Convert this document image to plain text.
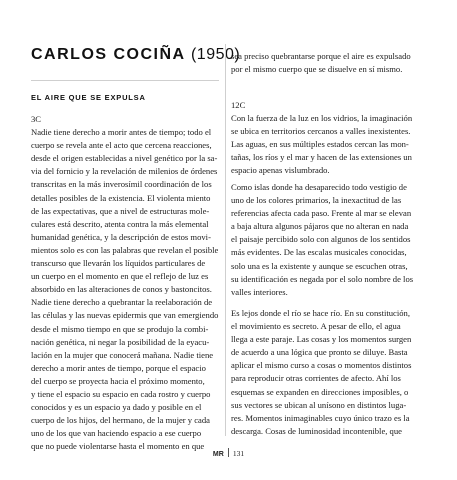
CARLOS COCIÑA (1950)
EL AIRE QUE SE EXPULSA
3C
Nadie tiene derecho a morir antes de tiempo; todo el
cuerpo se revela ante el acto que cercena reacciones,
desde el origen establecidas a nivel genético por la sa-
via del fornicio y la revelación de milenios de órdenes
transcritas en la más inverosímil coordinación de los
detalles posibles de la existencia. El violenta miento
de las expectativas, que a nivel de estructuras mole-
culares está descrito, atenta contra la más elemental
humanidad genética, y la descripción de estos movi-
mientos solo es con las palabras que revelan el posible
transcurso que llevarán los líquidos particulares de
un cuerpo en el momento en que el reflejo de luz es
absorbido en las alteraciones de conos y bastoncitos.
Nadie tiene derecho a quebrantar la reelaboración de
las células y las nuevas epidermis que van emergiendo
desde el mismo tiempo en que se produjo la combi-
nación genética, ni negar la posibilidad de la eyacu-
lación en la mujer que conocerá mañana. Nadie tiene
derecho a morir antes de tiempo, porque el espacio
del cuerpo se proyecta hacia el próximo momento,
y tiene el espacio su espacio en cada rostro y cuerpo
conocidos y es un espacio ya dado y posible en el
cuerpo de los hijos, del hermano, de la mujer y cada
uno de los que van haciendo espacio a ese cuerpo
que no puede violentarse hasta el momento en que
sea preciso quebrantarse porque el aire es expulsado
por el mismo cuerpo que se disuelve en sí mismo.
12C
Con la fuerza de la luz en los vidrios, la imaginación
se ubica en territorios cercanos a valles inexistentes.
Las aguas, en sus múltiples estados cercan las mon-
tañas, los ríos y el mar y hacen de las extensiones un
espacio apenas vislumbrado.
Como islas donde ha desaparecido todo vestigio de
uno de los colores primarios, la inexactitud de las
referencias afecta cada paso. Frente al mar se elevan
a baja altura algunos pájaros que no alteran en nada
el paisaje percibido solo con algunos de los sentidos
más evidentes. De las escalas musicales conocidas,
solo una es la existente y aunque se escuchen otras,
su identificación es negada por el solo nombre de los
valles interiores.
Es lejos donde el río se hace río. En su constitución,
el movimiento es secreto. A pesar de ello, el agua
llega a este paraje. Las cosas y los momentos surgen
de acuerdo a una lógica que pronto se diluye. Basta
aplicar el mismo curso a cosas o momentos distintos
para reproducir otras corrientes de afecto. Ahí los
esquemas se expanden en direcciones imposibles, o
sus vectores se ubican al unísono en distintos luga-
res. Momentos inimaginables cuyo único trazo es la
descarga. Cosas de luminosidad incontenible, que
MR 131
